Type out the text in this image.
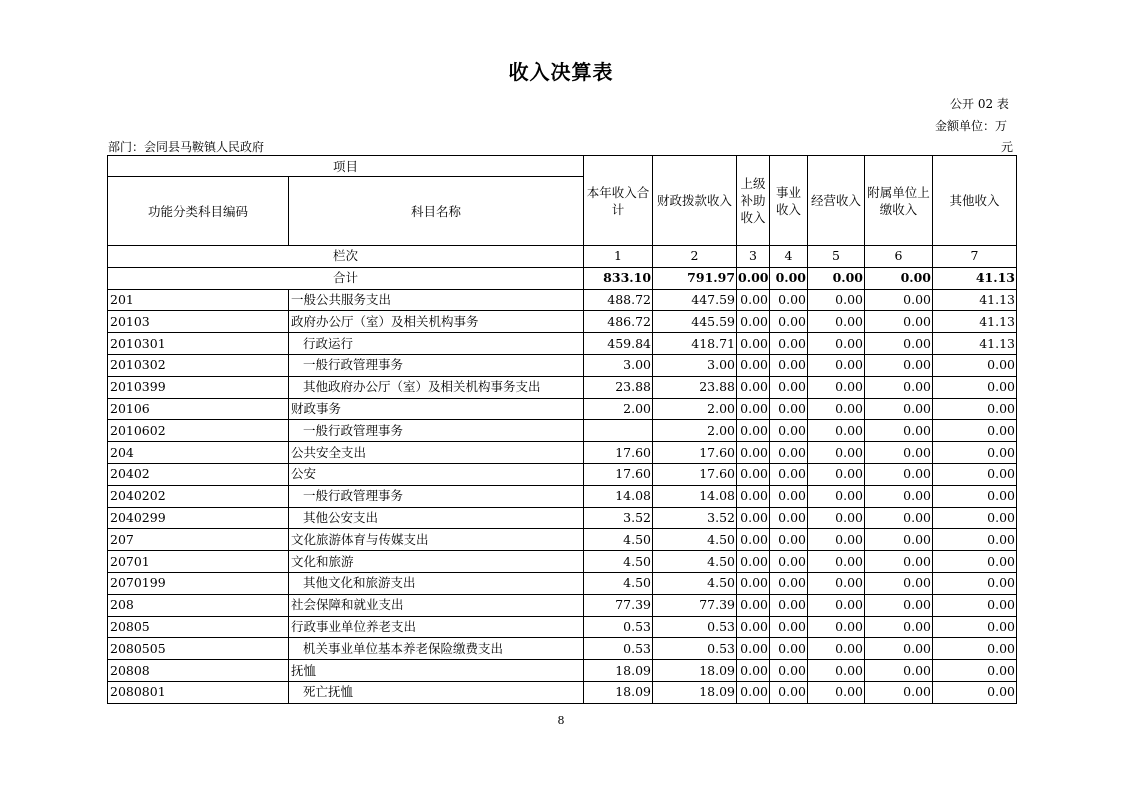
收入决算表
公开 02 表
金额单位：万
部门：会同县马鞍镇人民政府	元
项目		本年收入合计	财政拨款收入	上级补助收入	事业收入	经营收入	附属单位上缴收入	其他收入
功能分类科目编码	科目名称							
栏次		1	2	3	4	5	6	7
合计		833.10	791.97	0.00	0.00	0.00	0.00	41.13
201	一般公共服务支出	488.72	447.59	0.00	0.00	0.00	0.00	41.13
20103	政府办公厅（室）及相关机构事务	486.72	445.59	0.00	0.00	0.00	0.00	41.13
2010301	行政运行	459.84	418.71	0.00	0.00	0.00	0.00	41.13
2010302	一般行政管理事务	3.00	3.00	0.00	0.00	0.00	0.00	0.00
2010399	其他政府办公厅（室）及相关机构事务支出	23.88	23.88	0.00	0.00	0.00	0.00	0.00
20106	财政事务	2.00	2.00	0.00	0.00	0.00	0.00	0.00
2010602	一般行政管理事务		2.00	0.00	0.00	0.00	0.00	0.00
204	公共安全支出	17.60	17.60	0.00	0.00	0.00	0.00	0.00
20402	公安	17.60	17.60	0.00	0.00	0.00	0.00	0.00
2040202	一般行政管理事务	14.08	14.08	0.00	0.00	0.00	0.00	0.00
2040299	其他公安支出	3.52	3.52	0.00	0.00	0.00	0.00	0.00
207	文化旅游体育与传媒支出	4.50	4.50	0.00	0.00	0.00	0.00	0.00
20701	文化和旅游	4.50	4.50	0.00	0.00	0.00	0.00	0.00
2070199	其他文化和旅游支出	4.50	4.50	0.00	0.00	0.00	0.00	0.00
208	社会保障和就业支出	77.39	77.39	0.00	0.00	0.00	0.00	0.00
20805	行政事业单位养老支出	0.53	0.53	0.00	0.00	0.00	0.00	0.00
2080505	机关事业单位基本养老保险缴费支出	0.53	0.53	0.00	0.00	0.00	0.00	0.00
20808	抚恤	18.09	18.09	0.00	0.00	0.00	0.00	0.00
2080801	死亡抚恤	18.09	18.09	0.00	0.00	0.00	0.00	0.00
8
